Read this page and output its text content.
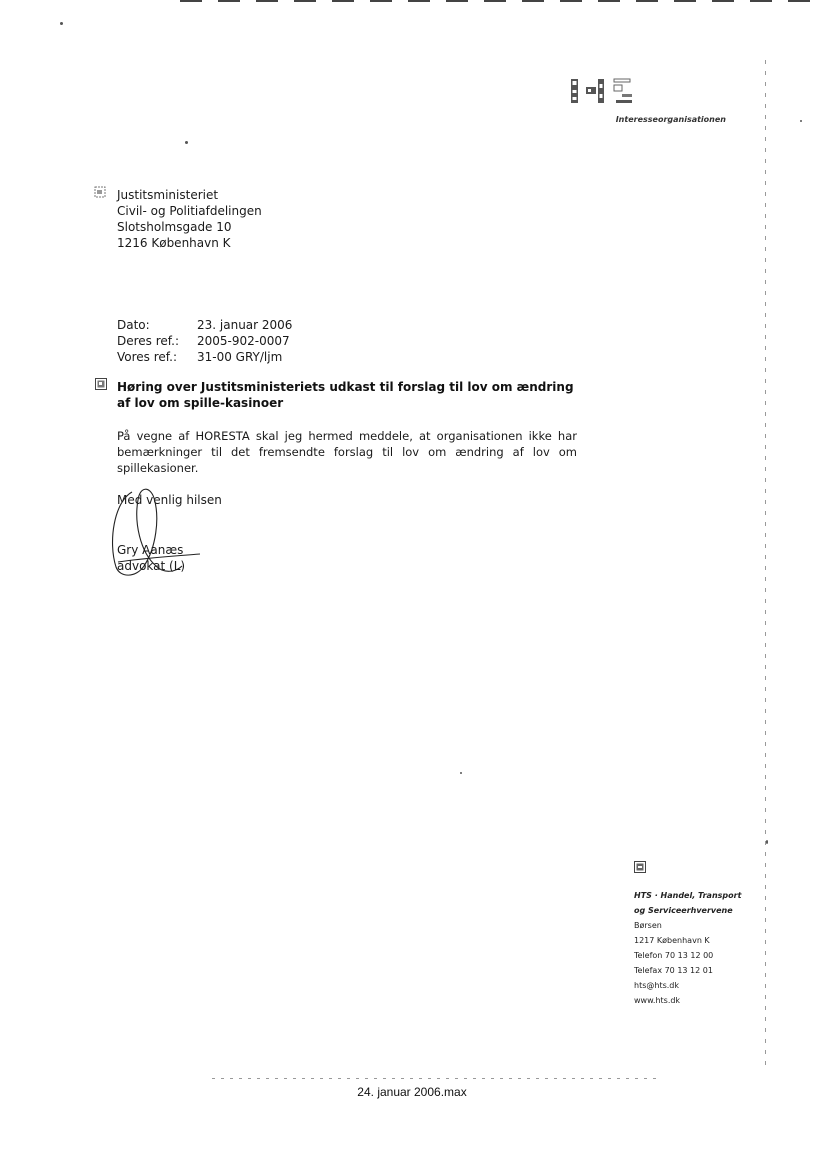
Interesseorganisationen
Justitsministeriet
Civil- og Politiafdelingen
Slotsholmsgade 10
1216 København K
Dato:	23. januar 2006
Deres ref.:	2005-902-0007
Vores ref.:	31-00 GRY/ljm
Høring over Justitsministeriets udkast til forslag til lov om ændring af lov om spille-kasinoer
På vegne af HORESTA skal jeg hermed meddele, at organisationen ikke har bemærkninger til det fremsendte forslag til lov om ændring af lov om spillekasioner.
Med venlig hilsen
Gry Aanæs
advokat (L)
HTS · Handel, Transport
og Serviceerhvervene
Børsen
1217 København K
Telefon 70 13 12 00
Telefax 70 13 12 01
hts@hts.dk
www.hts.dk
24. januar 2006.max
